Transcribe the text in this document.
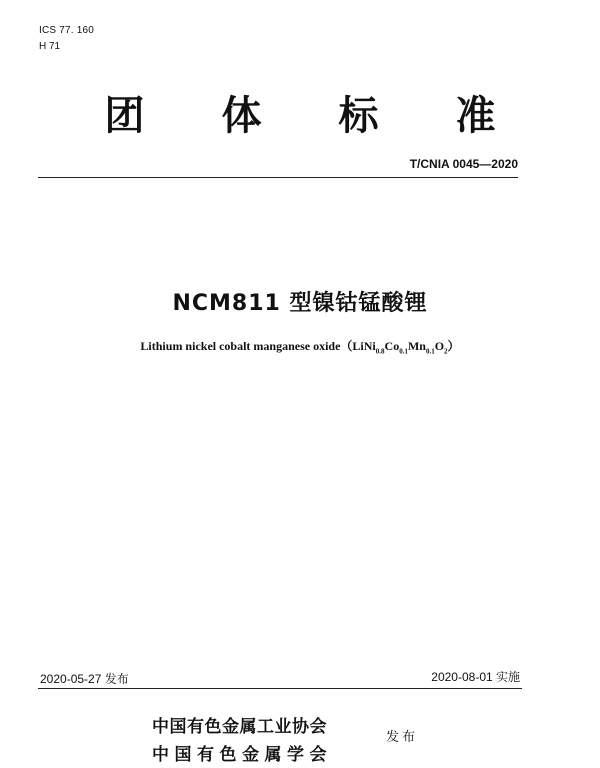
ICS 77. 160
H 71
团	体	标	准
T/CNIA 0045—2020
NCM811 型镍钴锰酸锂
Lithium nickel cobalt manganese $oxide(LiNi_{0.8}Co_{0.1}Mn_{0.1}O_2)$
2020-05-27 发布	2020-08-01 实施
中国有色金属工业协会
中国有色金属学会
发布
